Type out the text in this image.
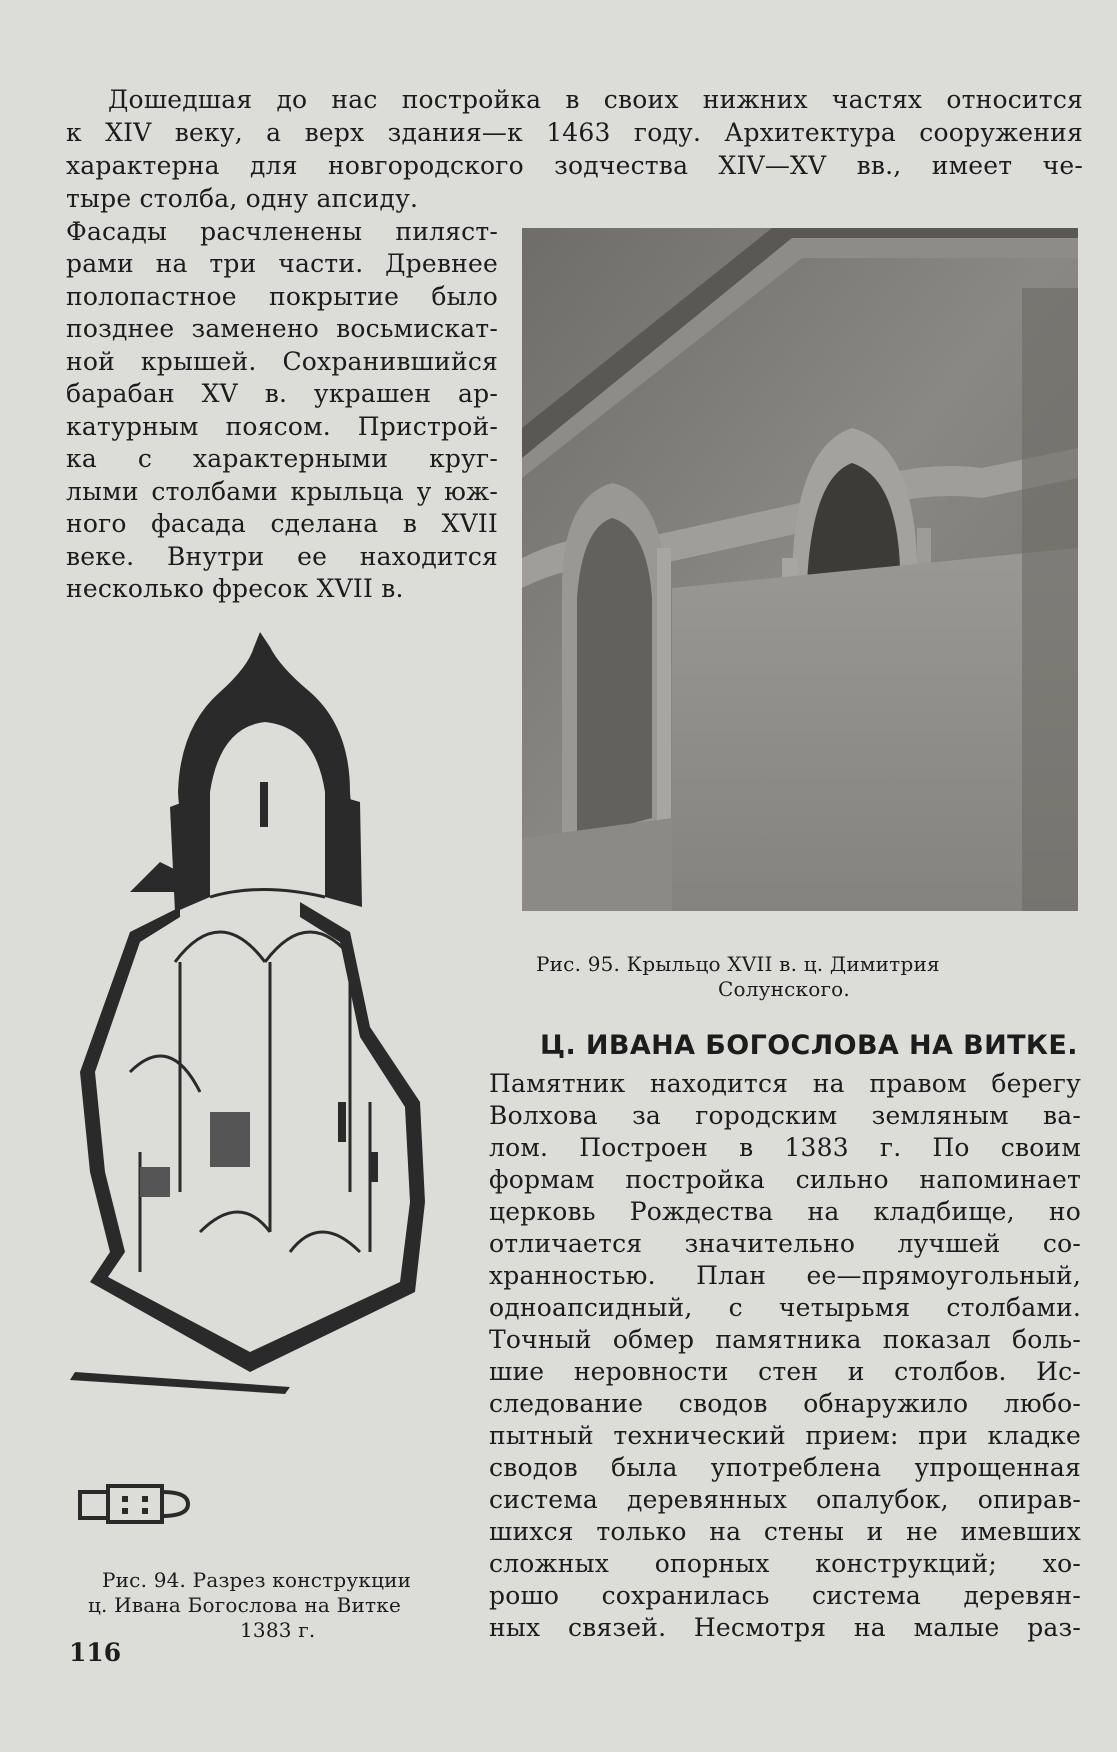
Дошедшая до нас постройка в своих нижних частях относится
к XIV веку, а верх здания—к 1463 году. Архитектура сооружения
характерна для новгородского зодчества XIV—XV вв., имеет че-
тыре столба, одну апсиду.
Фасады расчленены пиляст-
рами на три части. Древнее
полопастное покрытие было
позднее заменено восьмискат-
ной крышей. Сохранившийся
барабан XV в. украшен ар-
катурным поясом. Пристрой-
ка с характерными круг-
лыми столбами крыльца у юж-
ного фасада сделана в XVII
веке. Внутри ее находится
несколько фресок XVII в.
Рис. 95. Крыльцо XVII в. ц. Димитрия
Солунского.
Рис. 94. Разрез конструкции
ц. Ивана Богослова на Витке
1383 г.
Ц. ИВАНА БОГОСЛОВА НА ВИТКЕ.
Памятник находится на правом берегу
Волхова за городским земляным ва-
лом. Построен в 1383 г. По своим
формам постройка сильно напоминает
церковь Рождества на кладбище, но
отличается значительно лучшей со-
хранностью. План ее—прямоугольный,
одноапсидный, с четырьмя столбами.
Точный обмер памятника показал боль-
шие неровности стен и столбов. Ис-
следование сводов обнаружило любо-
пытный технический прием: при кладке
сводов была употреблена упрощенная
система деревянных опалубок, опирав-
шихся только на стены и не имевших
сложных опорных конструкций; хо-
рошо сохранилась система деревян-
ных связей. Несмотря на малые раз-
116
